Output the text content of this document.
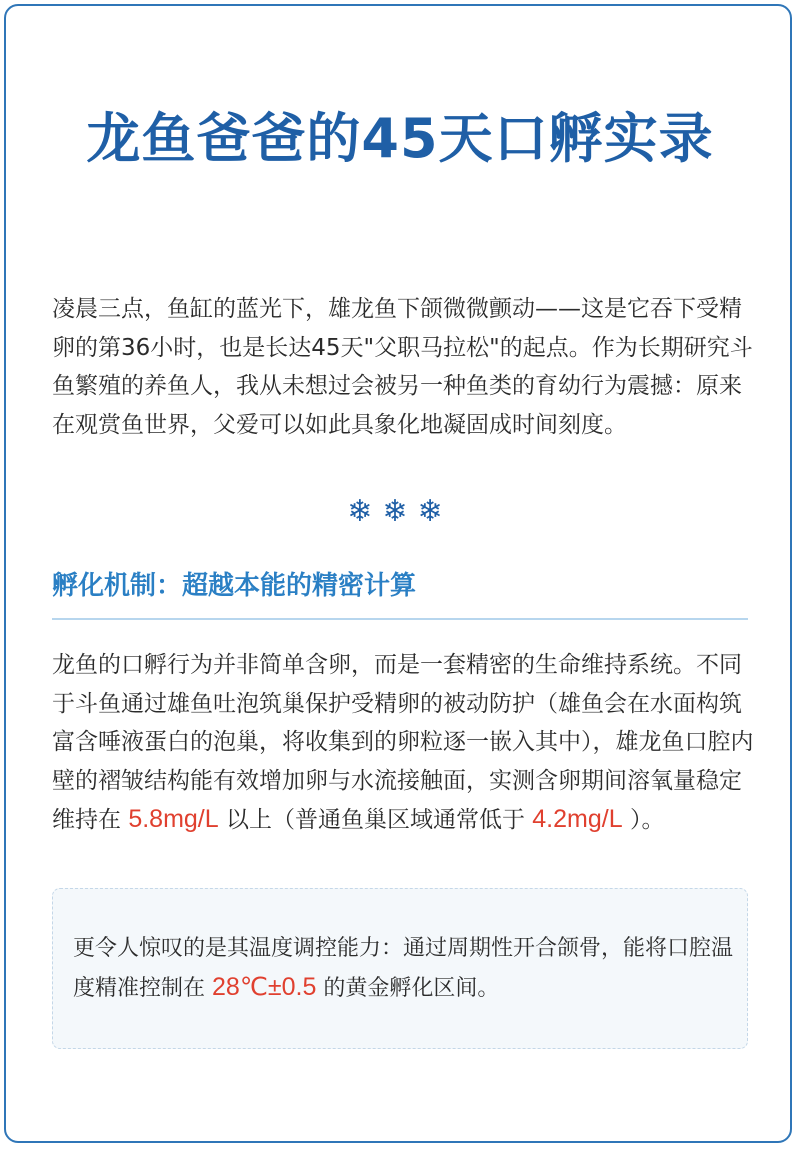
龙鱼爸爸的45天口孵实录

凌晨三点，鱼缸的蓝光下，雄龙鱼下颌微微颤动——这是它吞下受精卵的第36小时，也是长达45天"父职马拉松"的起点。作为长期研究斗鱼繁殖的养鱼人，我从未想过会被另一种鱼类的育幼行为震撼：原来在观赏鱼世界，父爱可以如此具象化地凝固成时间刻度。

❄❄❄
孵化机制：超越本能的精密计算

龙鱼的口孵行为并非简单含卵，而是一套精密的生命维持系统。不同于斗鱼通过雄鱼吐泡筑巢保护受精卵的被动防护（雄鱼会在水面构筑富含唾液蛋白的泡巢，将收集到的卵粒逐一嵌入其中），雄龙鱼口腔内壁的褶皱结构能有效增加卵与水流接触面，实测含卵期间溶氧量稳定维持在 5.8mg/L 以上（普通鱼巢区域通常低于 4.2mg/L ）。

更令人惊叹的是其温度调控能力：通过周期性开合颌骨，能将口腔温度精准控制在 28℃±0.5 的黄金孵化区间。
